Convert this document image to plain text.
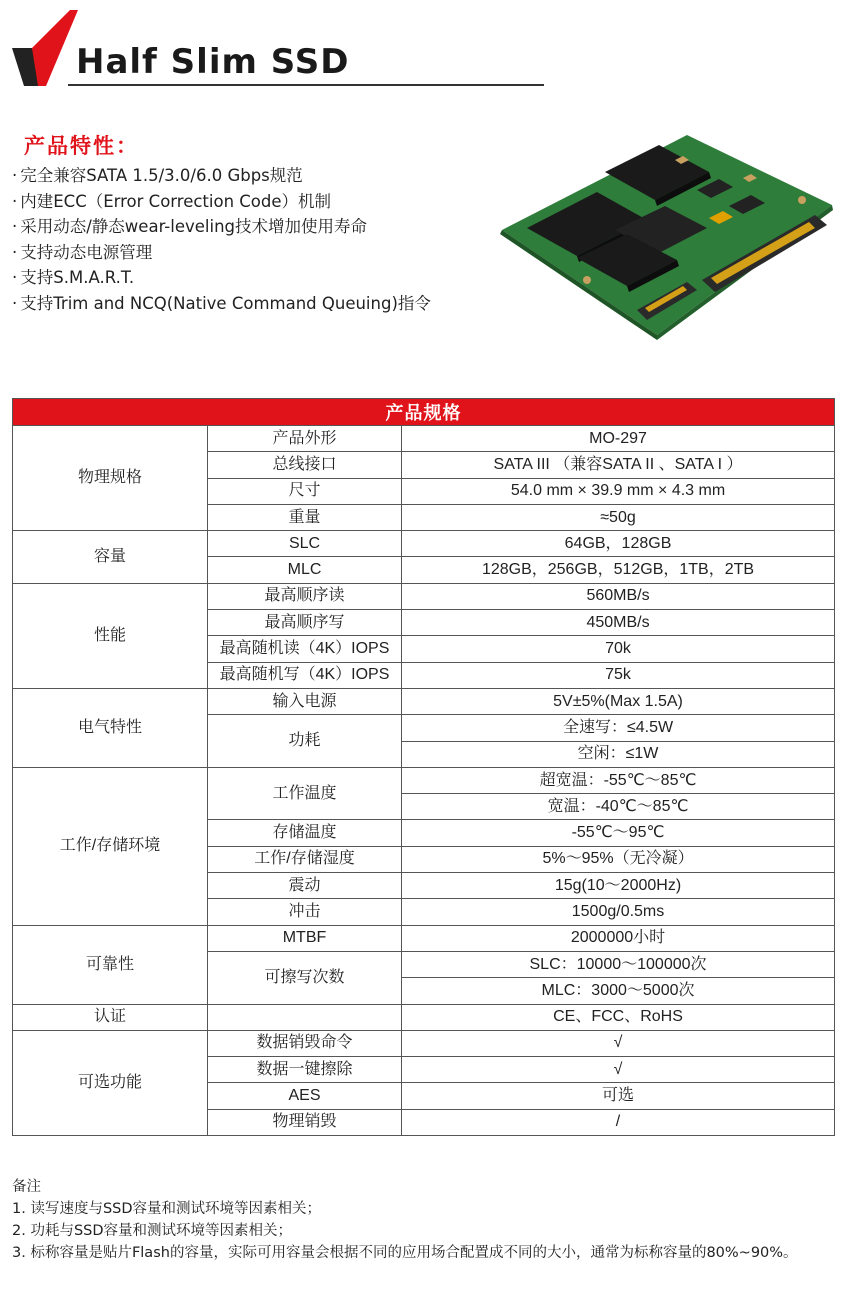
Half Slim SSD
产品特性：
· 完全兼容SATA 1.5/3.0/6.0 Gbps规范
· 内建ECC（Error Correction Code）机制
· 采用动态/静态wear-leveling技术增加使用寿命
· 支持动态电源管理
· 支持S.M.A.R.T.
· 支持Trim and NCQ(Native Command Queuing)指令
产品规格		
物理规格	产品外形	MO-297
	总线接口	SATA III （兼容SATA II 、SATA I ）
	尺寸	54.0 mm × 39.9 mm × 4.3 mm
	重量	≈50g
容量	SLC	64GB，128GB
	MLC	128GB，256GB，512GB，1TB，2TB
性能	最高顺序读	560MB/s
	最高顺序写	450MB/s
	最高随机读（4K）IOPS	70k
	最高随机写（4K）IOPS	75k
电气特性	输入电源	5V±5%(Max 1.5A)
	功耗	全速写：≤4.5W
		空闲：≤1W
工作/存储环境	工作温度	超宽温：-55℃～85℃
		宽温：-40℃～85℃
	存储温度	-55℃～95℃
	工作/存储湿度	5%～95%（无冷凝）
	震动	15g(10～2000Hz)
	冲击	1500g/0.5ms
可靠性	MTBF	2000000小时
	可擦写次数	SLC：10000～100000次
		MLC：3000～5000次
认证		CE、FCC、RoHS
可选功能	数据销毁命令	√
	数据一键擦除	√
	AES	可选
	物理销毁	/

备注

1. 读写速度与SSD容量和测试环境等因素相关；

2. 功耗与SSD容量和测试环境等因素相关；

3. 标称容量是贴片Flash的容量，实际可用容量会根据不同的应用场合配置成不同的大小，通常为标称容量的80%~90%。
